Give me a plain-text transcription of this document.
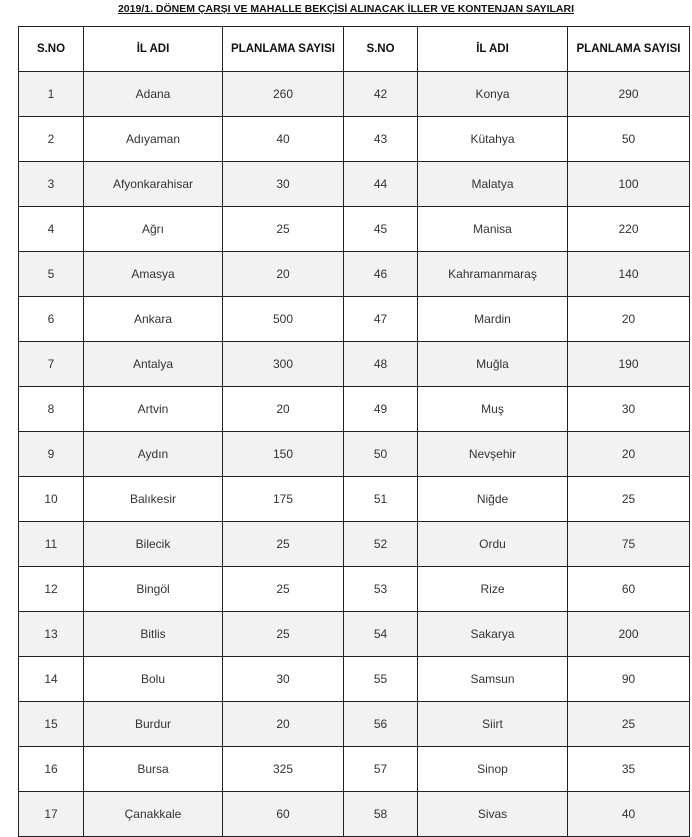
2019/1. DÖNEM ÇARŞI VE MAHALLE BEKÇİSİ ALINACAK İLLER VE KONTENJAN SAYILARI
S.NO	İL ADI	PLANLAMA SAYISI	S.NO	İL ADI	PLANLAMA SAYISI
1	Adana	260	42	Konya	290
2	Adıyaman	40	43	Kütahya	50
3	Afyonkarahisar	30	44	Malatya	100
4	Ağrı	25	45	Manisa	220
5	Amasya	20	46	Kahramanmaraş	140
6	Ankara	500	47	Mardin	20
7	Antalya	300	48	Muğla	190
8	Artvin	20	49	Muş	30
9	Aydın	150	50	Nevşehir	20
10	Balıkesir	175	51	Niğde	25
11	Bilecik	25	52	Ordu	75
12	Bingöl	25	53	Rize	60
13	Bitlis	25	54	Sakarya	200
14	Bolu	30	55	Samsun	90
15	Burdur	20	56	Siirt	25
16	Bursa	325	57	Sinop	35
17	Çanakkale	60	58	Sivas	40
